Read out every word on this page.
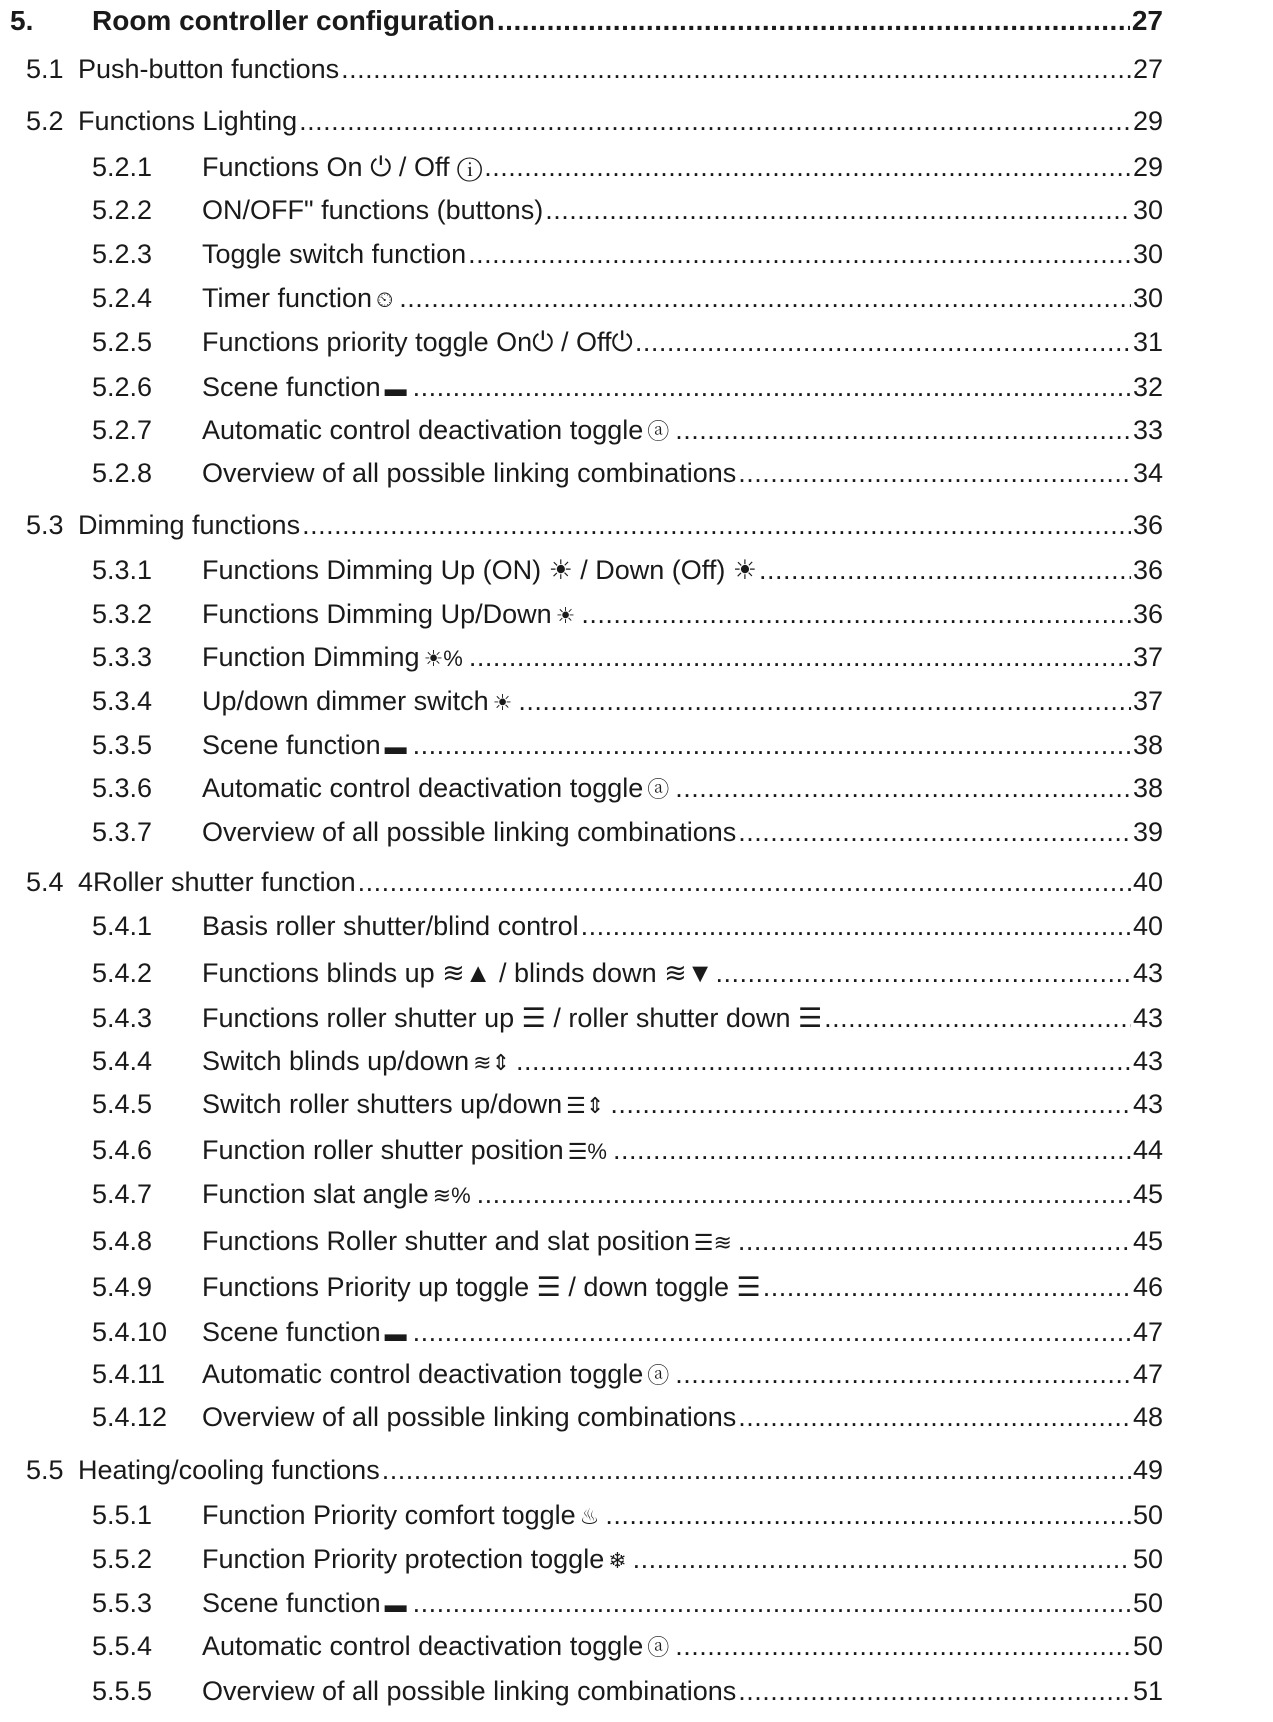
5.	Room controller configuration .....	27
5.1 Push-button functions .....	27
5.2 Functions Lighting .....	29
5.2.1	Functions On ⏻ / Off ⓘ .....	29
5.2.2	ON/OFF" functions (buttons) .....	30
5.2.3	Toggle switch function .....	30
5.2.4	Timer function ⏲ .....	30
5.2.5	Functions priority toggle On⏻ / Off⏻ .....	31
5.2.6	Scene function ▬ .....	32
5.2.7	Automatic control deactivation toggle ⓐ .....	33
5.2.8	Overview of all possible linking combinations .....	34
5.3 Dimming functions .....	36
5.3.1	Functions Dimming Up (ON) ☀ / Down (Off) ☀ .....	36
5.3.2	Functions Dimming Up/Down ☀ .....	36
5.3.3	Function Dimming ☀% .....	37
5.3.4	Up/down dimmer switch ☀ .....	37
5.3.5	Scene function ▬ .....	38
5.3.6	Automatic control deactivation toggle ⓐ .....	38
5.3.7	Overview of all possible linking combinations .....	39
5.4 4Roller shutter function .....	40
5.4.1	Basis roller shutter/blind control .....	40
5.4.2	Functions blinds up ≋▲ / blinds down ≋▼ .....	43
5.4.3	Functions roller shutter up ☰ / roller shutter down ☰ .....	43
5.4.4	Switch blinds up/down ≋⇕ .....	43
5.4.5	Switch roller shutters up/down ☰⇕ .....	43
5.4.6	Function roller shutter position ☰% .....	44
5.4.7	Function slat angle ≋% .....	45
5.4.8	Functions Roller shutter and slat position ☰≋ .....	45
5.4.9	Functions Priority up toggle ☰ / down toggle ☰ .....	46
5.4.10	Scene function ▬ .....	47
5.4.11	Automatic control deactivation toggle ⓐ .....	47
5.4.12	Overview of all possible linking combinations .....	48
5.5 Heating/cooling functions .....	49
5.5.1	Function Priority comfort toggle ♨ .....	50
5.5.2	Function Priority protection toggle ❄ .....	50
5.5.3	Scene function ▬ .....	50
5.5.4	Automatic control deactivation toggle ⓐ .....	50
5.5.5	Overview of all possible linking combinations .....	51
